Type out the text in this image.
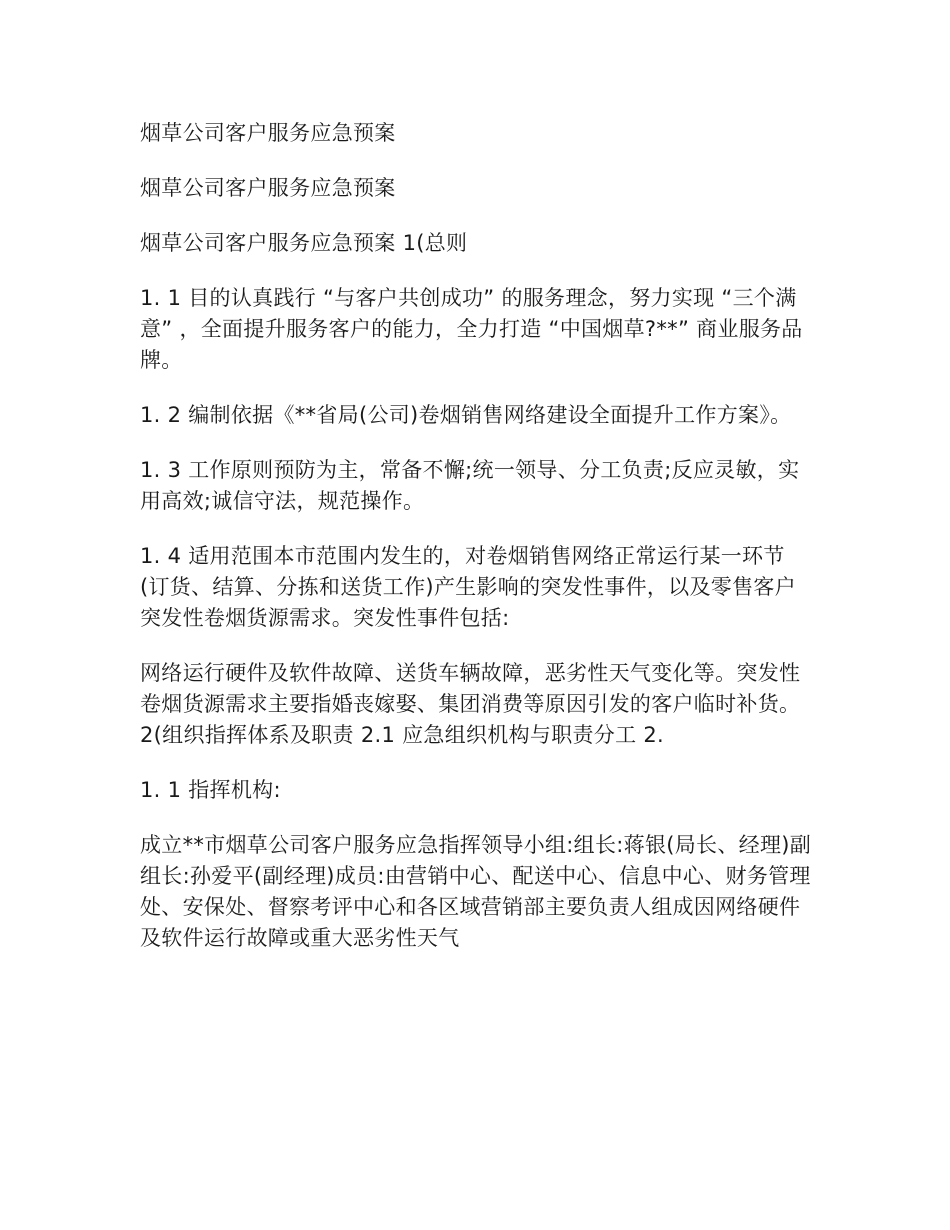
烟草公司客户服务应急预案

烟草公司客户服务应急预案

烟草公司客户服务应急预案 1(总则

1. 1 目的认真践行 “与客户共创成功” 的服务理念，努力实现 “三个满意” ，全面提升服务客户的能力，全力打造 “中国烟草?**” 商业服务品牌。

1. 2 编制依据《**省局(公司)卷烟销售网络建设全面提升工作方案》。

1. 3 工作原则预防为主，常备不懈;统一领导、分工负责;反应灵敏，实用高效;诚信守法，规范操作。

1. 4 适用范围本市范围内发生的，对卷烟销售网络正常运行某一环节(订货、结算、分拣和送货工作)产生影响的突发性事件，以及零售客户突发性卷烟货源需求。突发性事件包括:

网络运行硬件及软件故障、送货车辆故障，恶劣性天气变化等。突发性卷烟货源需求主要指婚丧嫁娶、集团消费等原因引发的客户临时补货。2(组织指挥体系及职责 2.1 应急组织机构与职责分工 2.

1. 1 指挥机构:

成立**市烟草公司客户服务应急指挥领导小组:组长:蒋银(局长、经理)副组长:孙爱平(副经理)成员:由营销中心、配送中心、信息中心、财务管理处、安保处、督察考评中心和各区域营销部主要负责人组成因网络硬件及软件运行故障或重大恶劣性天气
